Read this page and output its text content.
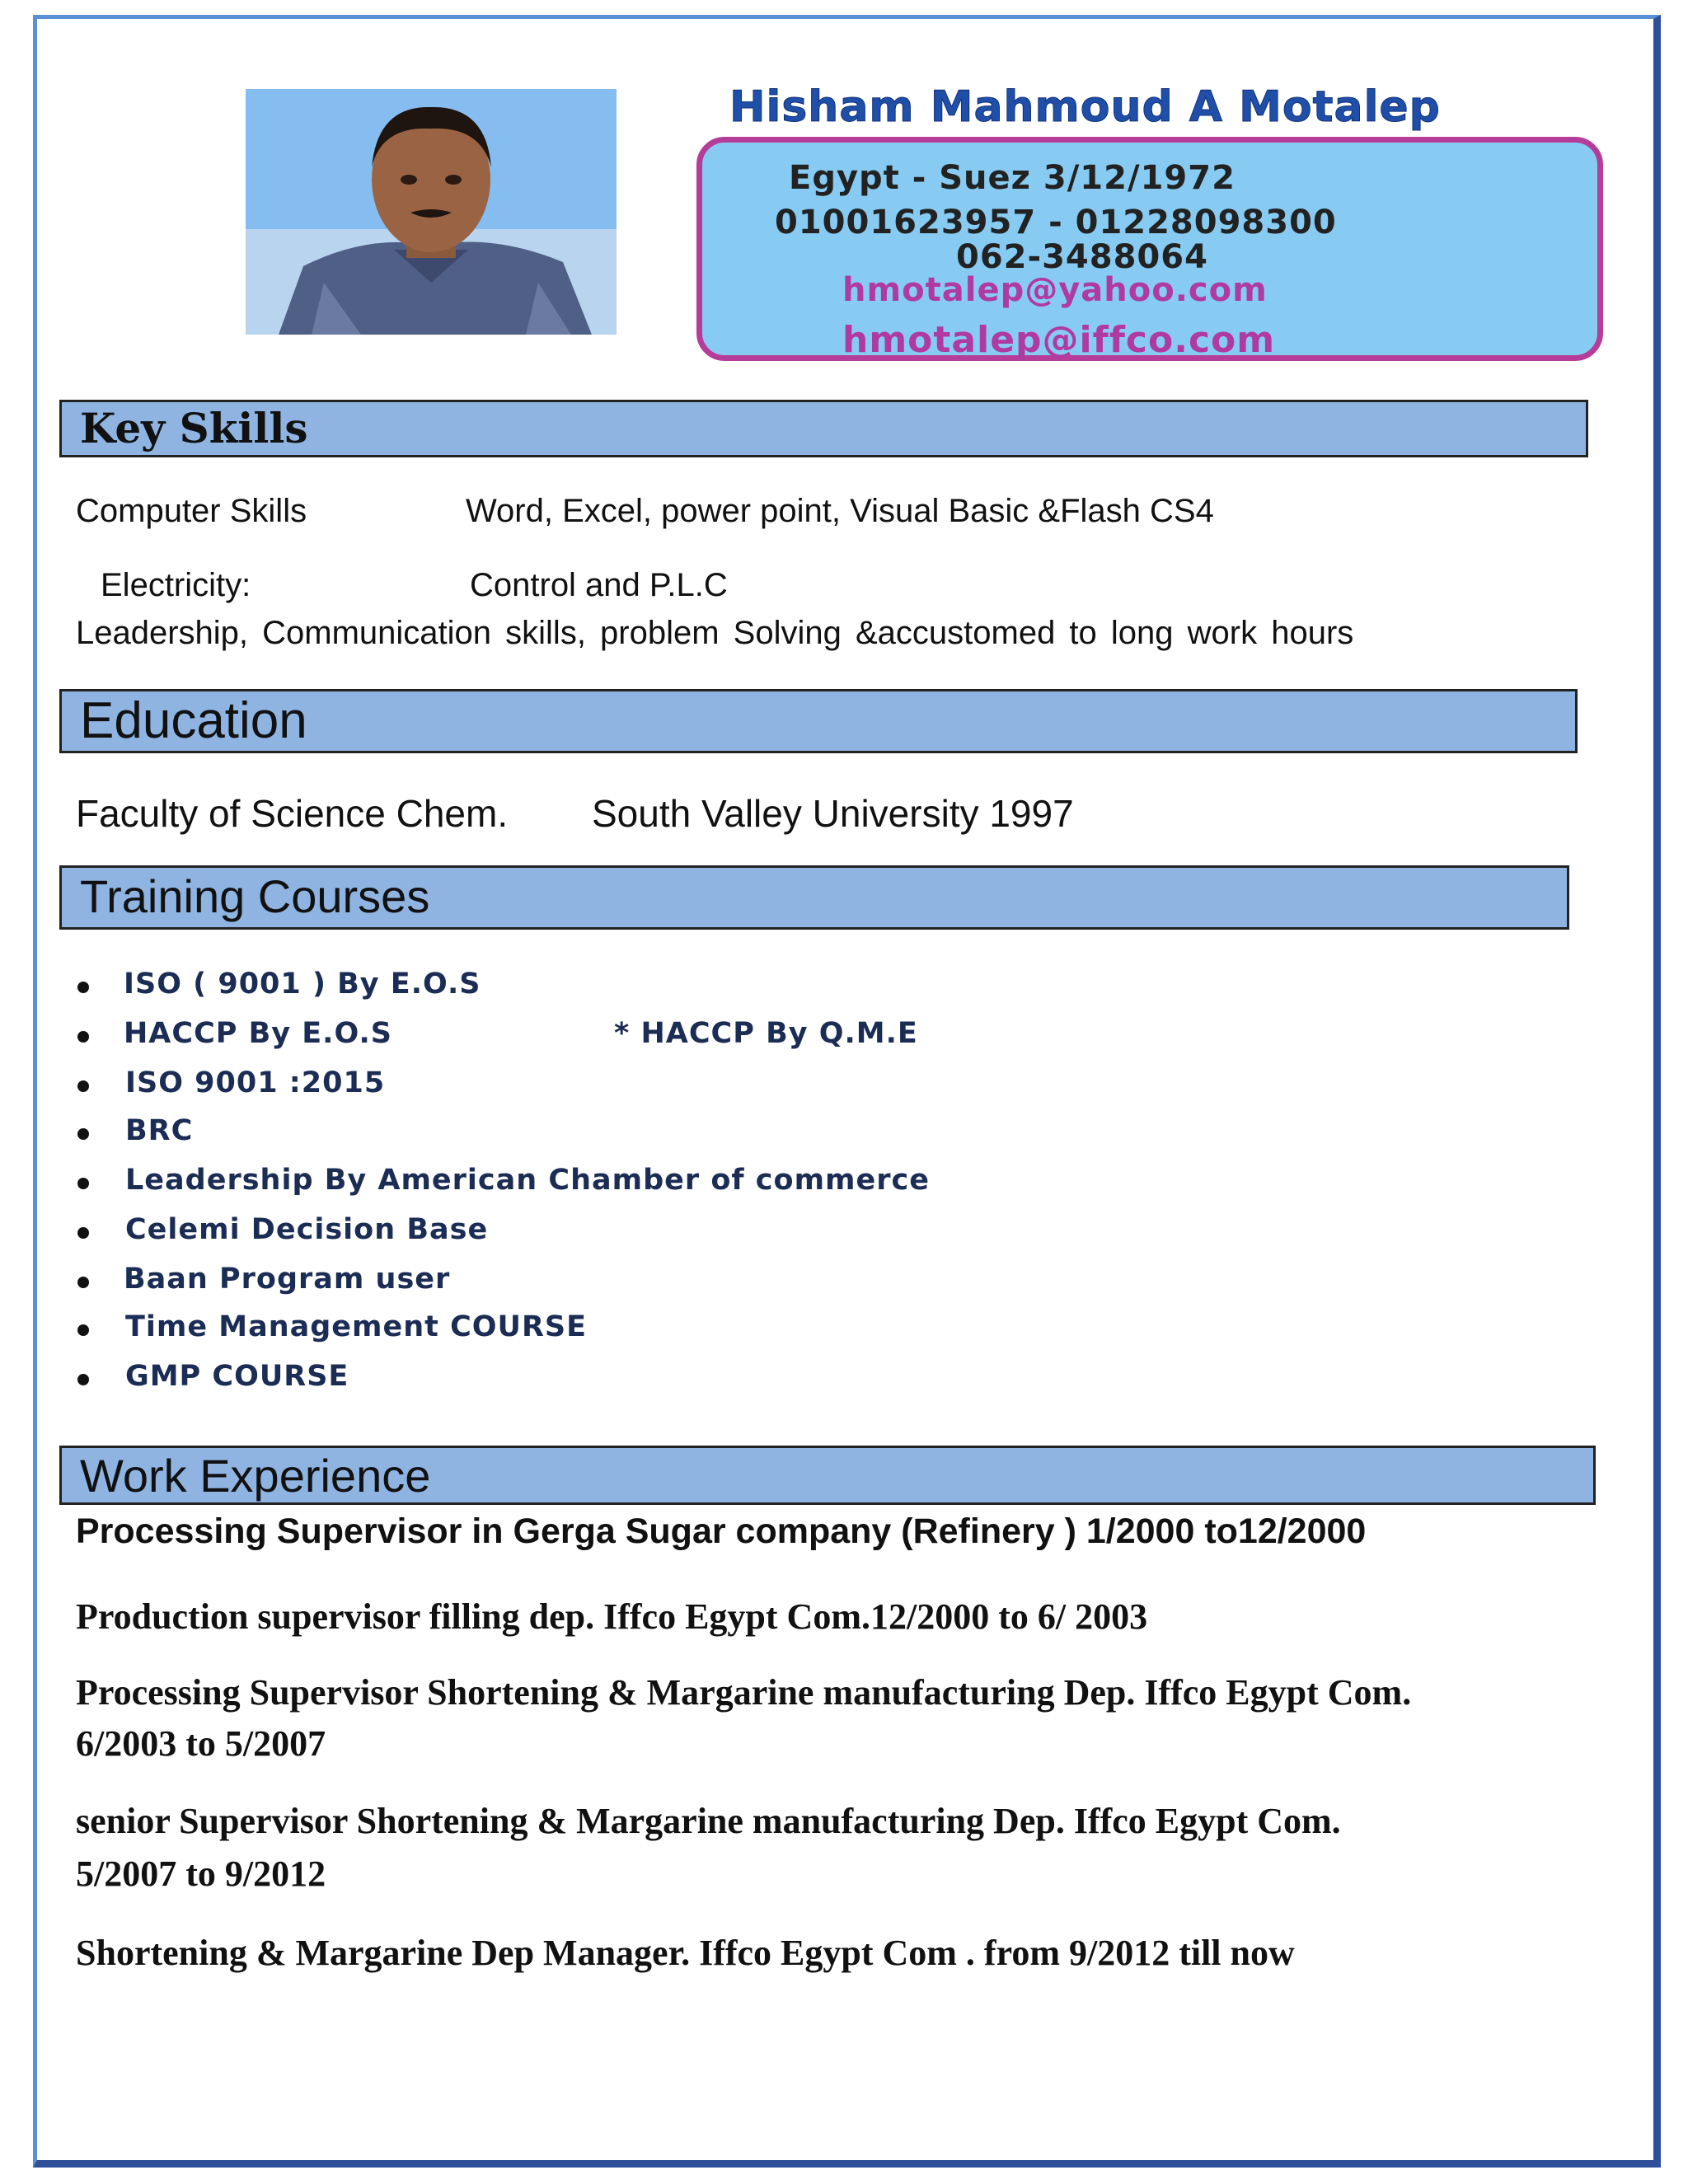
Hisham Mahmoud A Motalep
Egypt - Suez 3/12/1972
01001623957 - 01228098300
062-3488064
hmotalep@yahoo.com
hmotalep@iffco.com
Key Skills
Computer Skills	Word, Excel, power point, Visual Basic &Flash CS4
Electricity:	Control and P.L.C
Leadership, Communication skills, problem Solving &accustomed to long work hours
Education
Faculty of Science Chem. South Valley University 1997
Training Courses
ISO ( 9001 ) By E.O.S
HACCP By E.O.S	* HACCP By Q.M.E
ISO 9001 :2015
BRC
Leadership By American Chamber of commerce
Celemi Decision Base
Baan Program user
Time Management COURSE
GMP COURSE
Work Experience
Processing Supervisor in Gerga Sugar company (Refinery ) 1/2000 to12/2000
Production supervisor filling dep. Iffco Egypt Com.12/2000 to 6/ 2003
Processing Supervisor Shortening & Margarine manufacturing Dep. Iffco Egypt Com.
6/2003 to 5/2007
senior Supervisor Shortening & Margarine manufacturing Dep. Iffco Egypt Com.
5/2007 to 9/2012
Shortening & Margarine Dep Manager. Iffco Egypt Com . from 9/2012 till now
